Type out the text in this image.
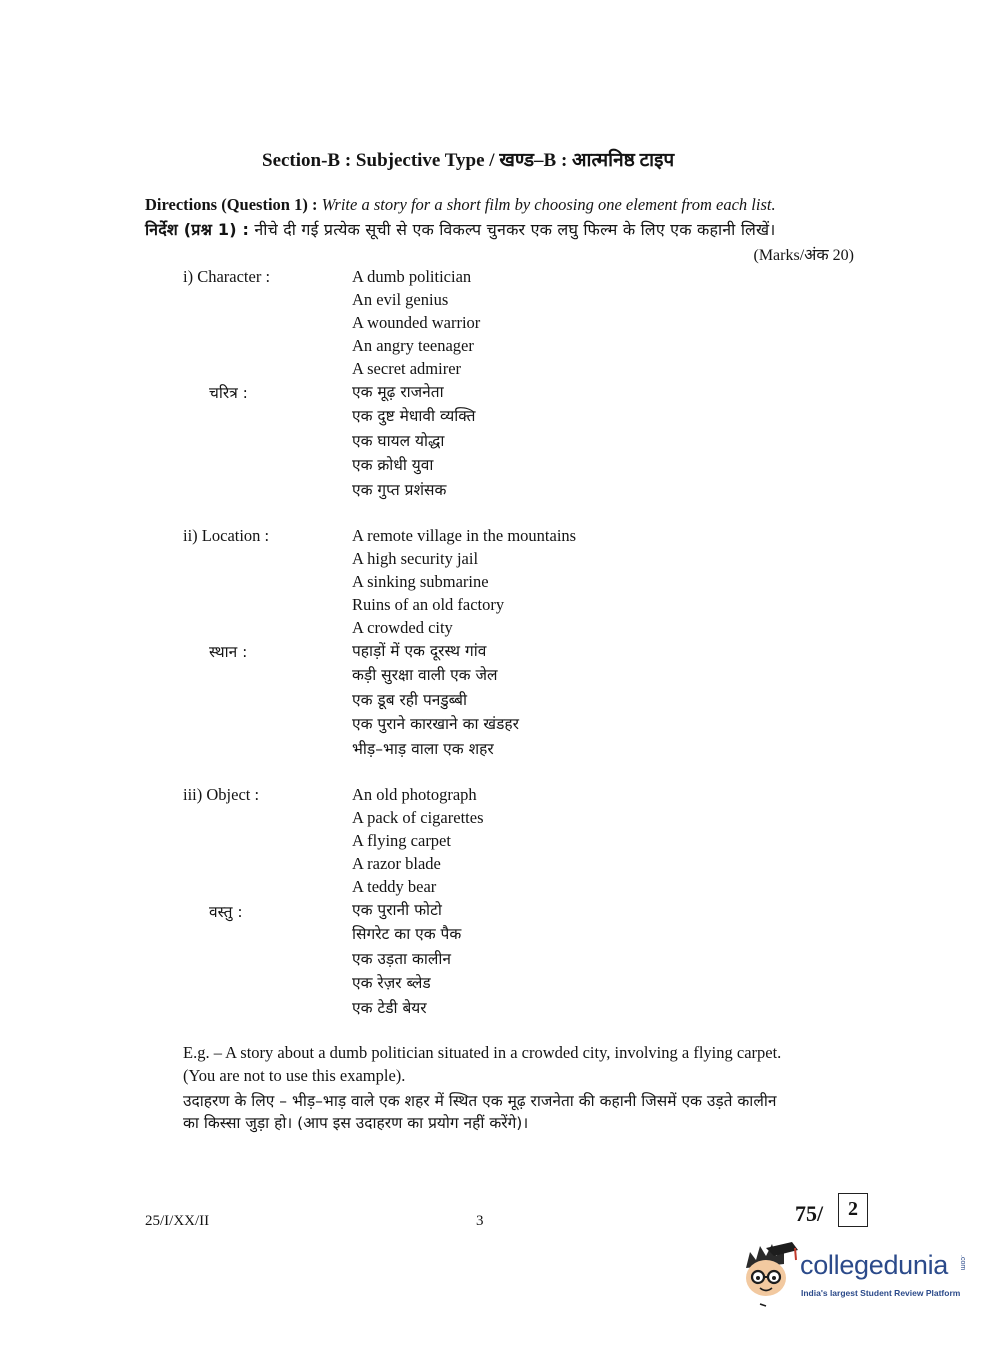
Section-B : Subjective Type / खण्ड–B : आत्मनिष्ठ टाइप
Directions (Question 1) : Write a story for a short film by choosing one element from each list.
निर्देश (प्रश्न 1) : नीचे दी गई प्रत्येक सूची से एक विकल्प चुनकर एक लघु फिल्म के लिए एक कहानी लिखें।
(Marks/अंक 20)
i) Character :
चरित्र :
A dumb politician
An evil genius
A wounded warrior
An angry teenager
A secret admirer
एक मूढ़ राजनेता
एक दुष्ट मेधावी व्यक्ति
एक घायल योद्धा
एक क्रोधी युवा
एक गुप्त प्रशंसक
ii) Location :
स्थान :
A remote village in the mountains
A high security jail
A sinking submarine
Ruins of an old factory
A crowded city
पहाड़ों में एक दूरस्थ गांव
कड़ी सुरक्षा वाली एक जेल
एक डूब रही पनडुब्बी
एक पुराने कारखाने का खंडहर
भीड़–भाड़ वाला एक शहर
iii) Object :
वस्तु :
An old photograph
A pack of cigarettes
A flying carpet
A razor blade
A teddy bear
एक पुरानी फोटो
सिगरेट का एक पैक
एक उड़ता कालीन
एक रेज़र ब्लेड
एक टेडी बेयर
E.g. – A story about a dumb politician situated in a crowded city, involving a flying carpet.
(You are not to use this example).
उदाहरण के लिए – भीड़–भाड़ वाले एक शहर में स्थित एक मूढ़ राजनेता की कहानी जिसमें एक उड़ते कालीन
का किस्सा जुड़ा हो। (आप इस उदाहरण का प्रयोग नहीं करेंगे)।
25/I/XX/II	3	75/	2
collegedunia .com
India's largest Student Review Platform
